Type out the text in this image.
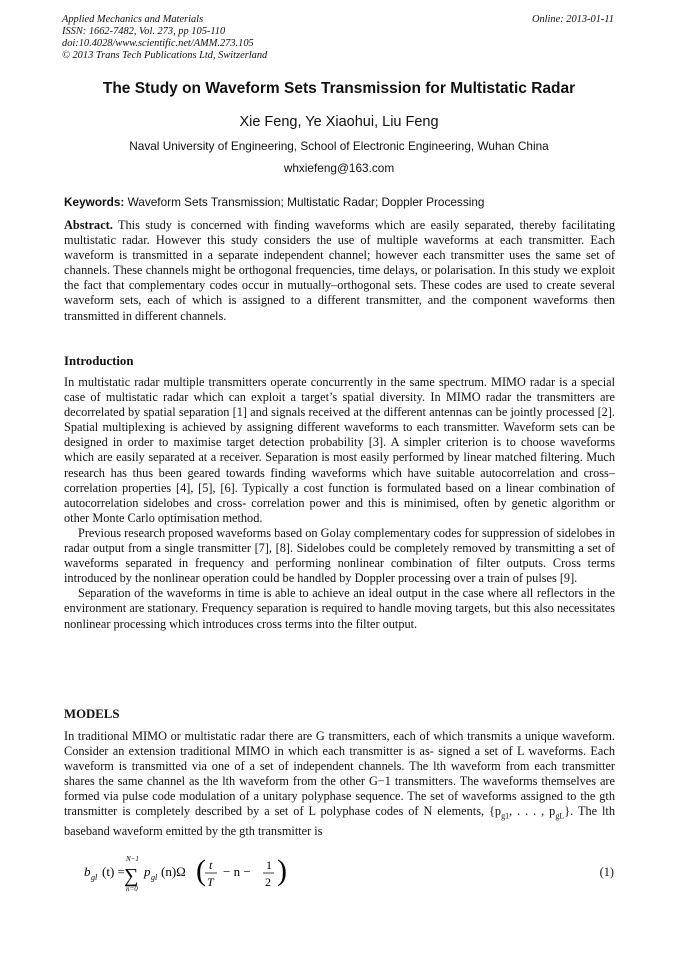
Applied Mechanics and Materials
ISSN: 1662-7482, Vol. 273, pp 105-110
doi:10.4028/www.scientific.net/AMM.273.105
© 2013 Trans Tech Publications Ltd, Switzerland
Online: 2013-01-11
The Study on Waveform Sets Transmission for Multistatic Radar
Xie Feng, Ye Xiaohui, Liu Feng
Naval University of Engineering, School of Electronic Engineering, Wuhan China
whxiefeng@163.com
Keywords: Waveform Sets Transmission; Multistatic Radar; Doppler Processing

Abstract. This study is concerned with finding waveforms which are easily separated, thereby facilitating multistatic radar. However this study considers the use of multiple waveforms at each transmitter. Each waveform is transmitted in a separate independent channel; however each transmitter uses the same set of channels. These channels might be orthogonal frequencies, time delays, or polarisation. In this study we exploit the fact that complementary codes occur in mutually–orthogonal sets. These codes are used to create several waveform sets, each of which is assigned to a different transmitter, and the component waveforms then transmitted in different channels.

Introduction

In multistatic radar multiple transmitters operate concurrently in the same spectrum. MIMO radar is a special case of multistatic radar which can exploit a target’s spatial diversity. In MIMO radar the transmitters are decorrelated by spatial separation [1] and signals received at the different antennas can be jointly processed [2]. Spatial multiplexing is achieved by assigning different waveforms to each transmitter. Waveform sets can be designed in order to maximise target detection probability [3]. A simpler criterion is to choose waveforms which are easily separated at a receiver. Separation is most easily performed by linear matched filtering. Much research has thus been geared towards finding waveforms which have suitable autocorrelation and cross–correlation properties [4], [5], [6]. Typically a cost function is formulated based on a linear combination of autocorrelation sidelobes and cross- correlation power and this is minimised, often by genetic algorithm or other Monte Carlo optimisation method.

Previous research proposed waveforms based on Golay complementary codes for suppression of sidelobes in radar output from a single transmitter [7], [8]. Sidelobes could be completely removed by transmitting a set of waveforms separated in frequency and performing nonlinear combination of filter outputs. Cross terms introduced by the nonlinear operation could be handled by Doppler processing over a train of pulses [9].

Separation of the waveforms in time is able to achieve an ideal output in the case where all reflectors in the environment are stationary. Frequency separation is required to handle moving targets, but this also necessitates nonlinear processing which introduces cross terms into the filter output.

MODELS

In traditional MIMO or multistatic radar there are G transmitters, each of which transmits a unique waveform. Consider an extension traditional MIMO in which each transmitter is as- signed a set of L waveforms. Each waveform is transmitted via one of a set of independent channels. The lth waveform from each transmitter shares the same channel as the lth waveform from the other G−1 transmitters. The waveforms themselves are formed via pulse code modulation of a unitary polyphase sequence. The set of waveforms assigned to the gth transmitter is completely described by a set of L polyphase codes of N elements, {$p_{g1}$, . . . , $p_{gL}$}. The lth baseband waveform emitted by the gth transmitter is

b gl (t) =
N−1
∑
n=0
p gl (n)Ω ( t
T
− n − 1
2 )	(1)
